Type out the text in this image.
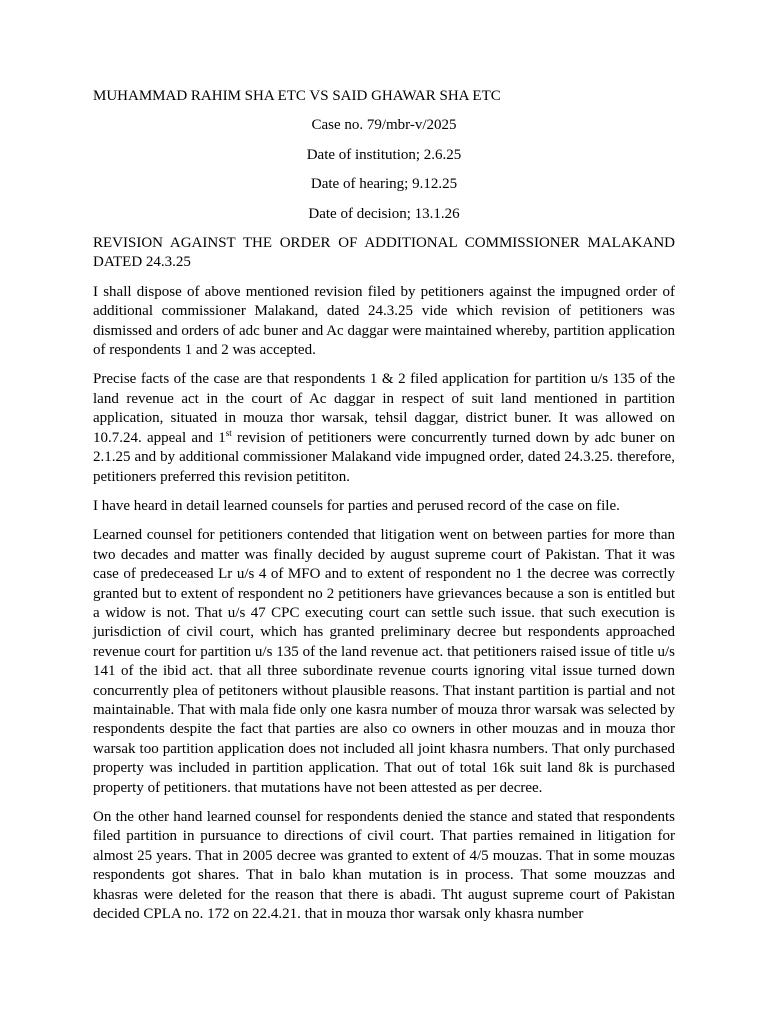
MUHAMMAD RAHIM SHA ETC VS SAID GHAWAR SHA ETC

Case no. 79/mbr-v/2025

Date of institution; 2.6.25

Date of hearing; 9.12.25

Date of decision; 13.1.26

REVISION AGAINST THE ORDER OF ADDITIONAL COMMISSIONER MALAKAND DATED 24.3.25

I shall dispose of above mentioned revision filed by petitioners against the impugned order of additional commissioner Malakand, dated 24.3.25 vide which revision of petitioners was dismissed and orders of adc buner and Ac daggar were maintained whereby, partition application of respondents 1 and 2 was accepted.

Precise facts of the case are that respondents 1 & 2 filed application for partition u/s 135 of the land revenue act in the court of Ac daggar in respect of suit land mentioned in partition application, situated in mouza thor warsak, tehsil daggar, district buner. It was allowed on 10.7.24. appeal and 1st revision of petitioners were concurrently turned down by adc buner on 2.1.25 and by additional commissioner Malakand vide impugned order, dated 24.3.25. therefore, petitioners preferred this revision petititon.

I have heard in detail learned counsels for parties and perused record of the case on file.

Learned counsel for petitioners contended that litigation went on between parties for more than two decades and matter was finally decided by august supreme court of Pakistan. That it was case of predeceased Lr u/s 4 of MFO and to extent of respondent no 1 the decree was correctly granted but to extent of respondent no 2 petitioners have grievances because a son is entitled but a widow is not. That u/s 47 CPC executing court can settle such issue. that such execution is jurisdiction of civil court, which has granted preliminary decree but respondents approached revenue court for partition u/s 135 of the land revenue act. that petitioners raised issue of title u/s 141 of the ibid act. that all three subordinate revenue courts ignoring vital issue turned down concurrently plea of petitoners without plausible reasons. That instant partition is partial and not maintainable. That with mala fide only one kasra number of mouza thror warsak was selected by respondents despite the fact that parties are also co owners in other mouzas and in mouza thor warsak too partition application does not included all joint khasra numbers. That only purchased property was included in partition application. That out of total 16k suit land 8k is purchased property of petitioners. that mutations have not been attested as per decree.

On the other hand learned counsel for respondents denied the stance and stated that respondents filed partition in pursuance to directions of civil court. That parties remained in litigation for almost 25 years. That in 2005 decree was granted to extent of 4/5 mouzas. That in some mouzas respondents got shares. That in balo khan mutation is in process. That some mouzzas and khasras were deleted for the reason that there is abadi. Tht august supreme court of Pakistan decided CPLA no. 172 on 22.4.21. that in mouza thor warsak only khasra number
